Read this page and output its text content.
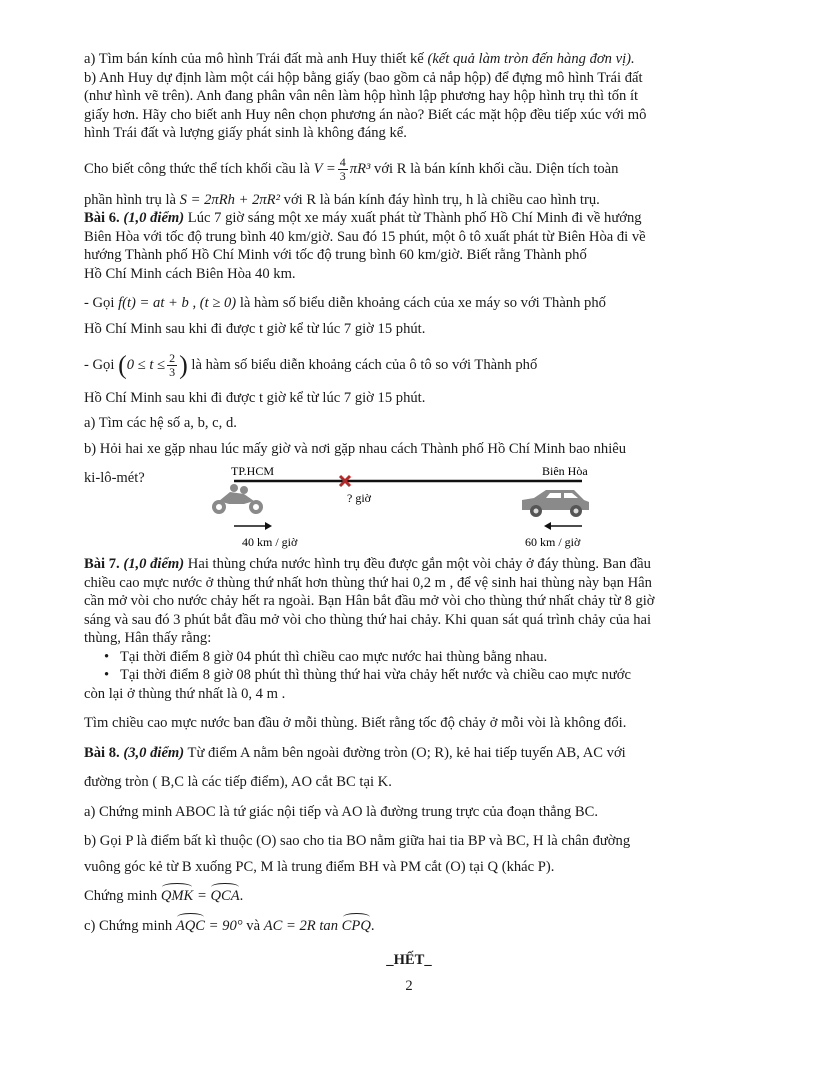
a) Tìm bán kính của mô hình Trái đất mà anh Huy thiết kế (kết quả làm tròn đến hàng đơn vị).

b) Anh Huy dự định làm một cái hộp bằng giấy (bao gồm cả nắp hộp) để đựng mô hình Trái đất

(như hình vẽ trên). Anh đang phân vân nên làm hộp hình lập phương hay hộp hình trụ thì tốn ít

giấy hơn. Hãy cho biết anh Huy nên chọn phương án nào? Biết các mặt hộp đều tiếp xúc với mô

hình Trái đất và lượng giấy phát sinh là không đáng kể.

Cho biết công thức thể tích khối cầu là $V = \frac{4}{3} \pi R^3$ với R là bán kính khối cầu. Diện tích toàn

phần hình trụ là S = 2πRh + 2πR² với R là bán kính đáy hình trụ, h là chiều cao hình trụ.

Bài 6. (1,0 điểm) Lúc 7 giờ sáng một xe máy xuất phát từ Thành phố Hồ Chí Minh đi về hướng

Biên Hòa với tốc độ trung bình 40 km/giờ. Sau đó 15 phút, một ô tô xuất phát từ Biên Hòa đi về

hướng Thành phố Hồ Chí Minh với tốc độ trung bình 60 km/giờ. Biết rằng Thành phố

Hồ Chí Minh cách Biên Hòa 40 km.

- Gọi f(t) = at + b , (t ≥ 0) là hàm số biểu diễn khoảng cách của xe máy so với Thành phố

Hồ Chí Minh sau khi đi được t giờ kể từ lúc 7 giờ 15 phút.

- Gọi ($0 \le t \le \frac{2}{3}$ ) là hàm số biểu diễn khoảng cách của ô tô so với Thành phố

Hồ Chí Minh sau khi đi được t giờ kể từ lúc 7 giờ 15 phút.

a) Tìm các hệ số a, b, c, d.

b) Hỏi hai xe gặp nhau lúc mấy giờ và nơi gặp nhau cách Thành phố Hồ Chí Minh bao nhiêu

ki-lô-mét?	TP.HCM	Biên Hòa
? giờ
40 km / giờ	60 km / giờ

Bài 7. (1,0 điểm) Hai thùng chứa nước hình trụ đều được gắn một vòi chảy ở đáy thùng. Ban đầu

chiều cao mực nước ở thùng thứ nhất hơn thùng thứ hai 0,2 m , để vệ sinh hai thùng này bạn Hân

cần mở vòi cho nước chảy hết ra ngoài. Bạn Hân bắt đầu mở vòi cho thùng thứ nhất chảy từ 8 giờ

sáng và sau đó 3 phút bắt đầu mở vòi cho thùng thứ hai chảy. Khi quan sát quá trình chảy của hai

thùng, Hân thấy rằng:

• Tại thời điểm 8 giờ 04 phút thì chiều cao mực nước hai thùng bằng nhau.

• Tại thời điểm 8 giờ 08 phút thì thùng thứ hai vừa chảy hết nước và chiều cao mực nước

còn lại ở thùng thứ nhất là 0, 4 m .

Tìm chiều cao mực nước ban đầu ở mỗi thùng. Biết rằng tốc độ chảy ở mỗi vòi là không đổi.

Bài 8. (3,0 điểm) Từ điểm A nằm bên ngoài đường tròn (O; R), kẻ hai tiếp tuyến AB, AC với

đường tròn ( B,C là các tiếp điểm), AO cắt BC tại K.

a) Chứng minh ABOC là tứ giác nội tiếp và AO là đường trung trực của đoạn thẳng BC.

b) Gọi P là điểm bất kì thuộc (O) sao cho tia BO nằm giữa hai tia BP và BC, H là chân đường

vuông góc kẻ từ B xuống PC, M là trung điểm BH và PM cắt (O) tại Q (khác P).

Chứng minh QMK = QCA.

c) Chứng minh AQC = 90° và AC = 2R tan CPQ.

_HẾT_

2
